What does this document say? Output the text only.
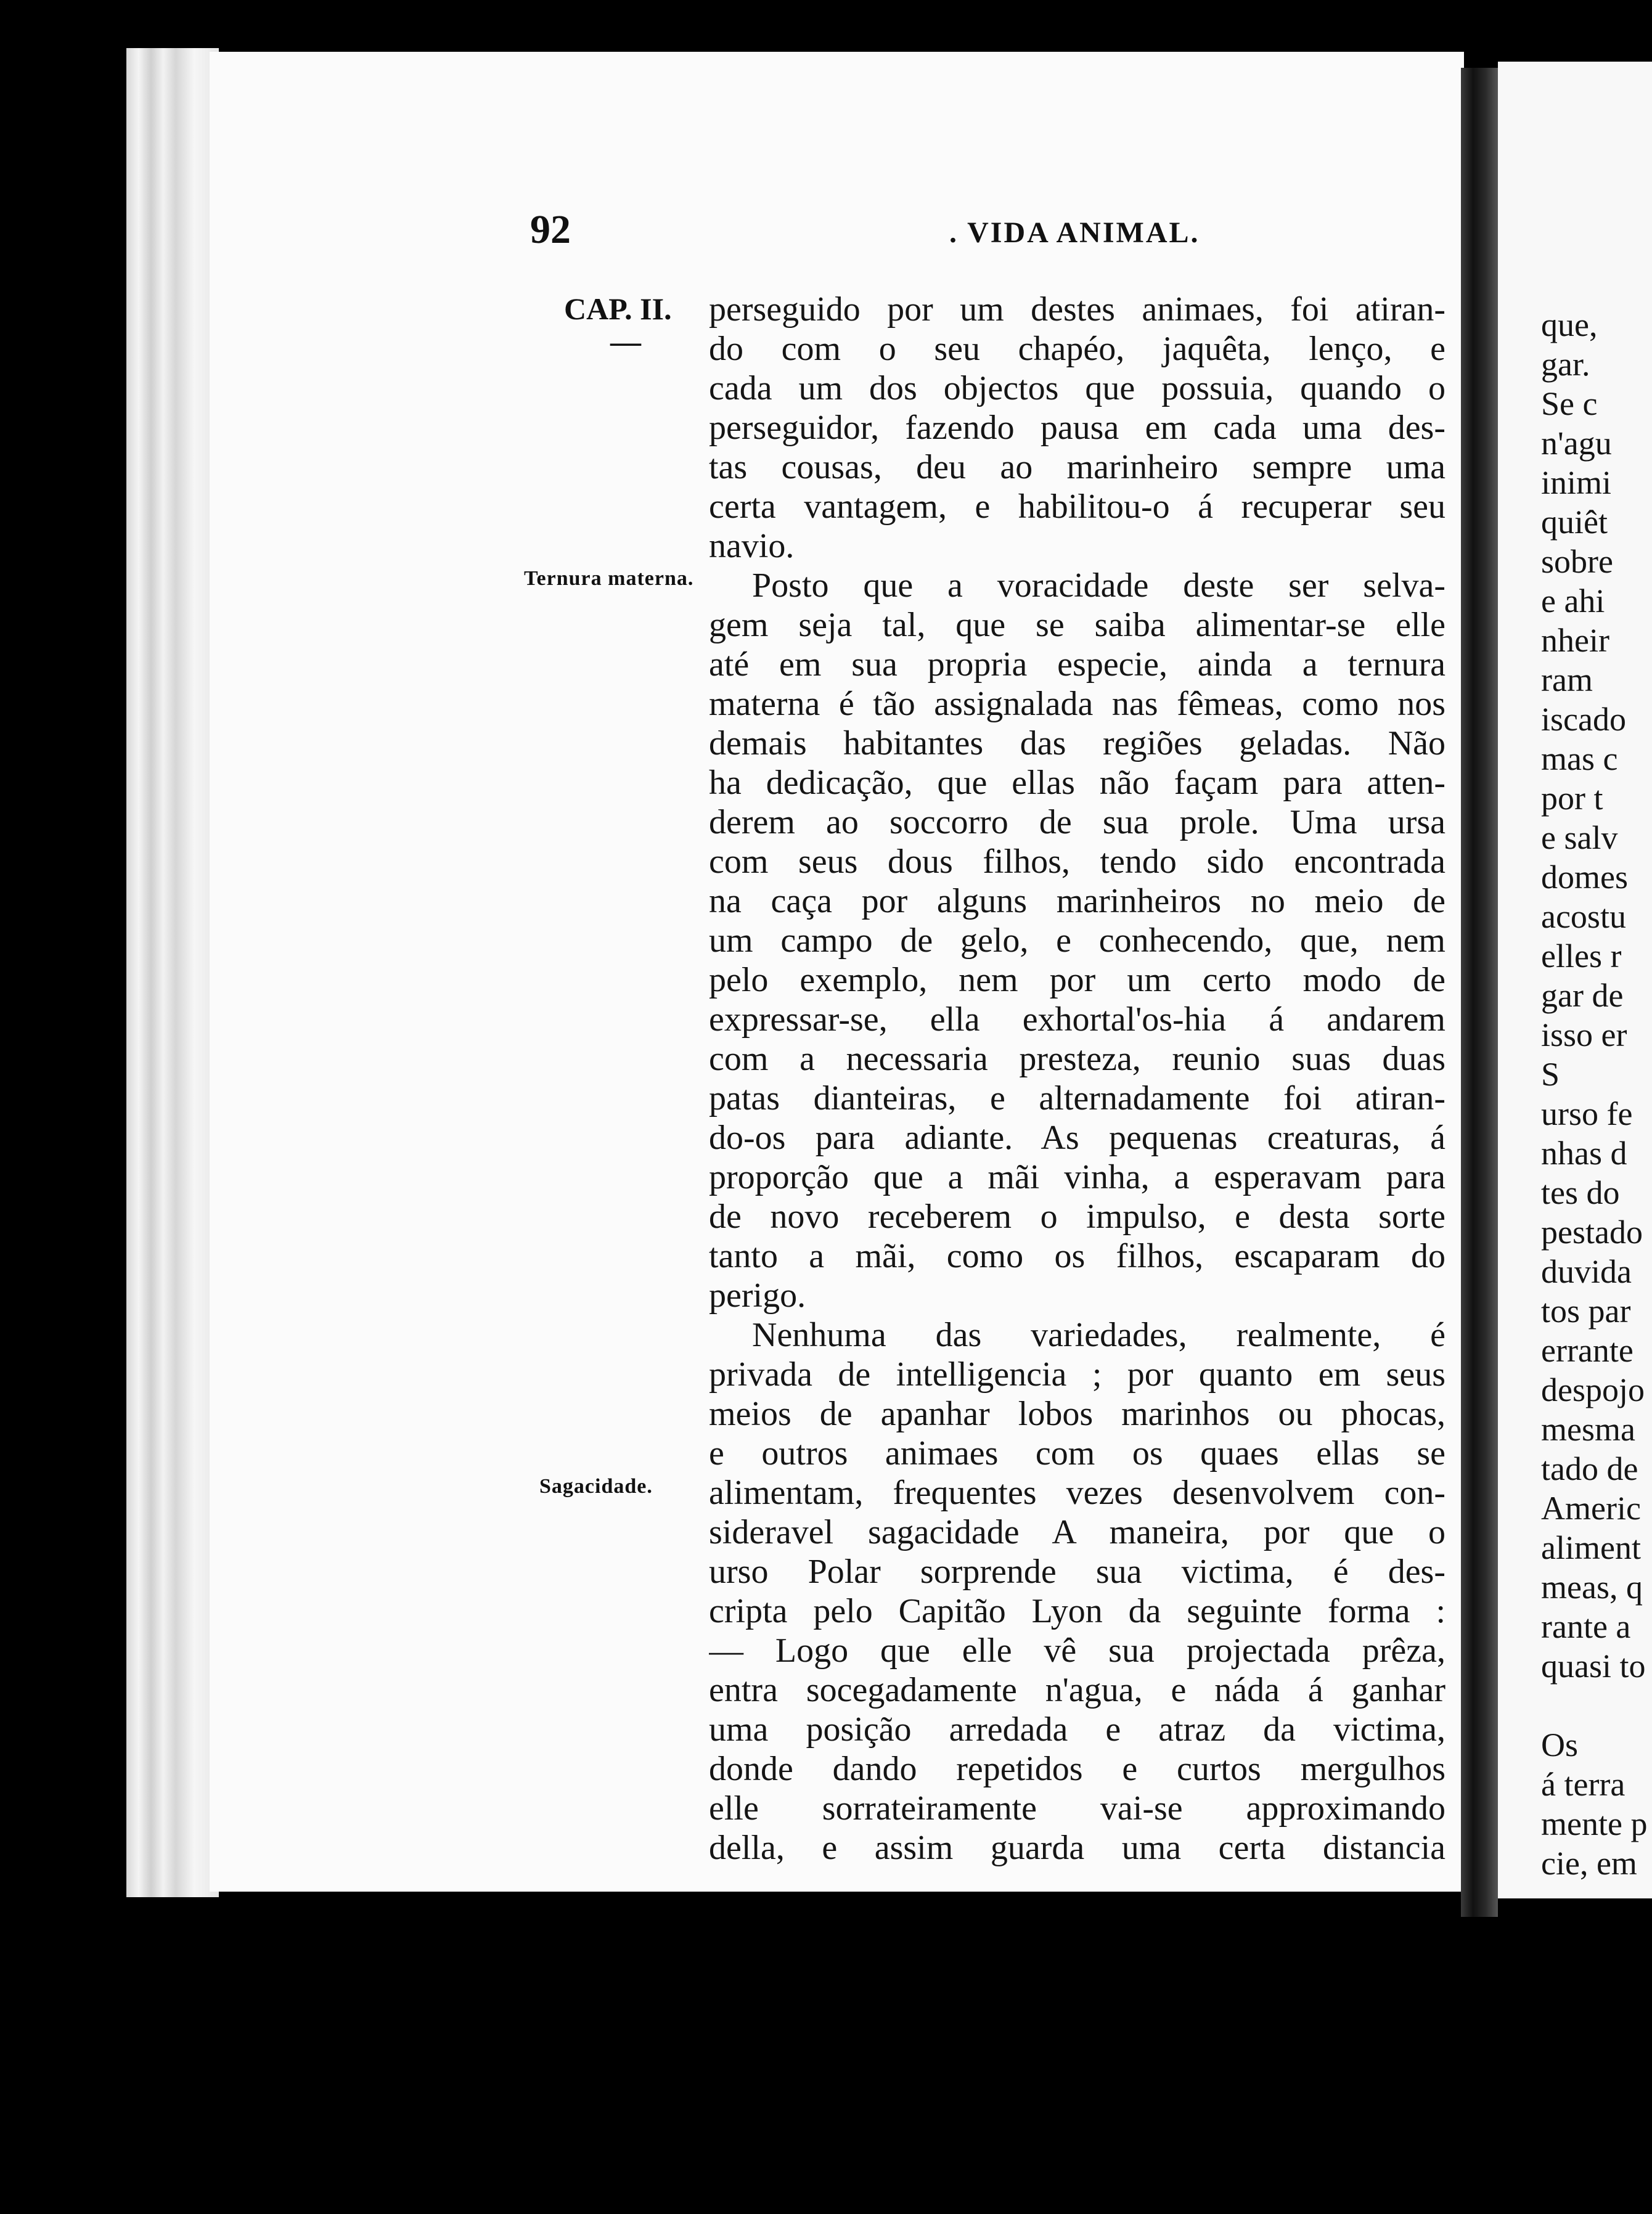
92	. VIDA ANIMAL.
CAP. II.
—
Ternura materna.
Sagacidade.
perseguido por um destes animaes, foi atiran-
do com o seu chapéo, jaquêta, lenço, e
cada um dos objectos que possuia, quando o
perseguidor, fazendo pausa em cada uma des-
tas cousas, deu ao marinheiro sempre uma
certa vantagem, e habilitou-o á recuperar seu
navio.
Posto que a voracidade deste ser selva-
gem seja tal, que se saiba alimentar-se elle
até em sua propria especie, ainda a ternura
materna é tão assignalada nas fêmeas, como nos
demais habitantes das regiões geladas. Não
ha dedicação, que ellas não façam para atten-
derem ao soccorro de sua prole. Uma ursa
com seus dous filhos, tendo sido encontrada
na caça por alguns marinheiros no meio de
um campo de gelo, e conhecendo, que, nem
pelo exemplo, nem por um certo modo de
expressar-se, ella exhortal'os-hia á andarem
com a necessaria presteza, reunio suas duas
patas dianteiras, e alternadamente foi atiran-
do-os para adiante. As pequenas creaturas, á
proporção que a mãi vinha, a esperavam para
de novo receberem o impulso, e desta sorte
tanto a mãi, como os filhos, escaparam do
perigo.
Nenhuma das variedades, realmente, é
privada de intelligencia ; por quanto em seus
meios de apanhar lobos marinhos ou phocas,
e outros animaes com os quaes ellas se
alimentam, frequentes vezes desenvolvem con-
sideravel sagacidade A maneira, por que o
urso Polar sorprende sua victima, é des-
cripta pelo Capitão Lyon da seguinte forma :
— Logo que elle vê sua projectada prêza,
entra socegadamente n'agua, e náda á ganhar
uma posição arredada e atraz da victima,
donde dando repetidos e curtos mergulhos
elle sorrateiramente vai-se approximando
della, e assim guarda uma certa distancia
que,
gar.
Se c
n'agu
inimi
quiêt
sobre
e ahi
nheir
ram
iscado
mas c
por t
e salv
domes
acostu
elles r
gar de
isso er
S
urso fe
nhas d
tes do
pestado
duvida
tos par
errante
despojo
mesma
tado de
Americ
aliment
meas, q
rante a
quasi to
Os
á terra
mente p
cie, em
